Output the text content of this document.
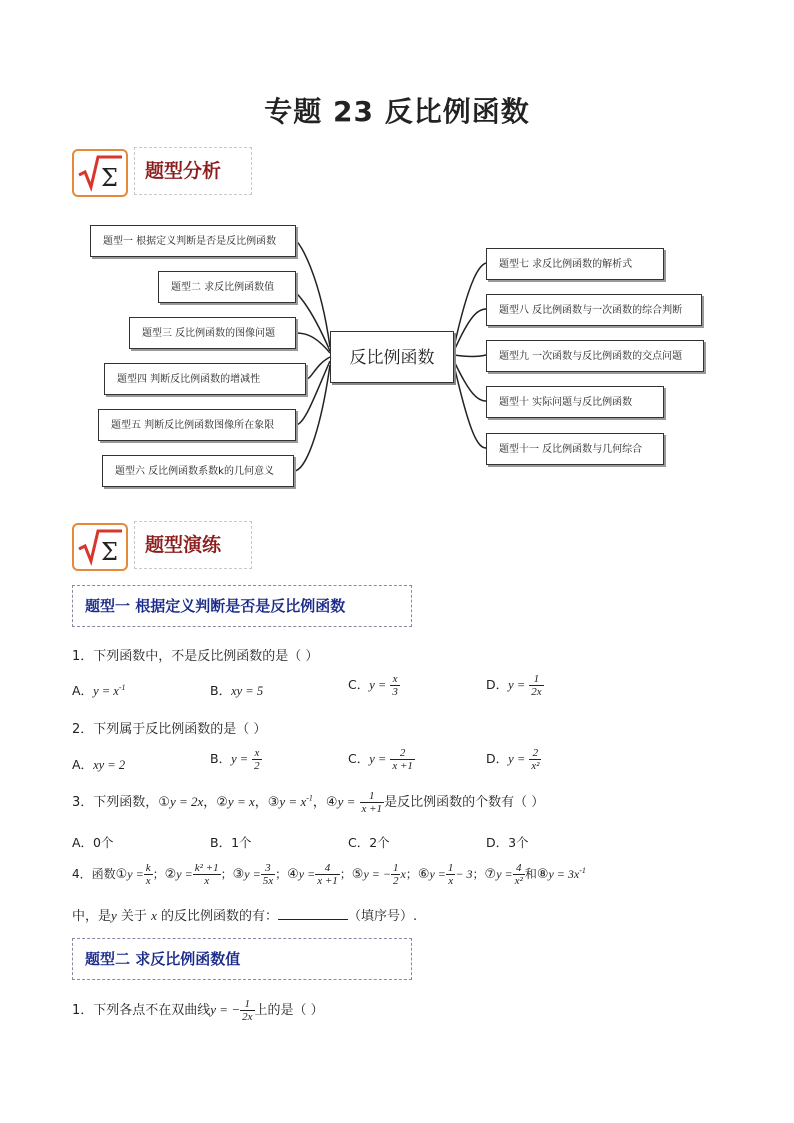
专题 23 反比例函数
Σ	题型分析
反比例函数
题型一 根据定义判断是否是反比例函数
题型二 求反比例函数值
题型三 反比例函数的图像问题
题型四 判断反比例函数的增减性
题型五 判断反比例函数图像所在象限
题型六 反比例函数系数k的几何意义
题型七 求反比例函数的解析式
题型八 反比例函数与一次函数的综合判断
题型九 一次函数与反比例函数的交点问题
题型十 实际问题与反比例函数
题型十一 反比例函数与几何综合
Σ	题型演练
题型一 根据定义判断是否是反比例函数
1．下列函数中，不是反比例函数的是（ ）
A．$y = x^{-1}$	B．xy = 5	C．$y = \frac{x}{3}$	D．$y = \frac{1}{2x}$
2．下列属于反比例函数的是（ ）
A．xy = 2	B．$y = \frac{x}{2}$	C．$y = \frac{2}{x +1}$	D．$y = \frac{2}{\text{x²}}$
3．下列函数，①y = 2x，②y = x，③y = $x^{-1}$，④y = $\frac{1}{x +1}$ 是反比例函数的个数有（ ）
A．0个	B．1个	C．2个	D．3个
4．函数①y = $\frac{k}{x}$ ；②y = $\frac{\text{k² +1}}{x}$ ；③y = $\frac{3}{5x}$ ；④y = $\frac{4}{x +1}$ ；⑤y = − $\frac{1}{2}$ x；⑥y = $\frac{1}{x} - 3$；⑦y = $\frac{4}{\text{x²}}$ 和⑧y = $3x^{-1}$
中，是y 关于 x 的反比例函数的有：	（填序号）.
题型二 求反比例函数值
1．下列各点不在双曲线y = − $\frac{1}{2x}$ 上的是（ ）
